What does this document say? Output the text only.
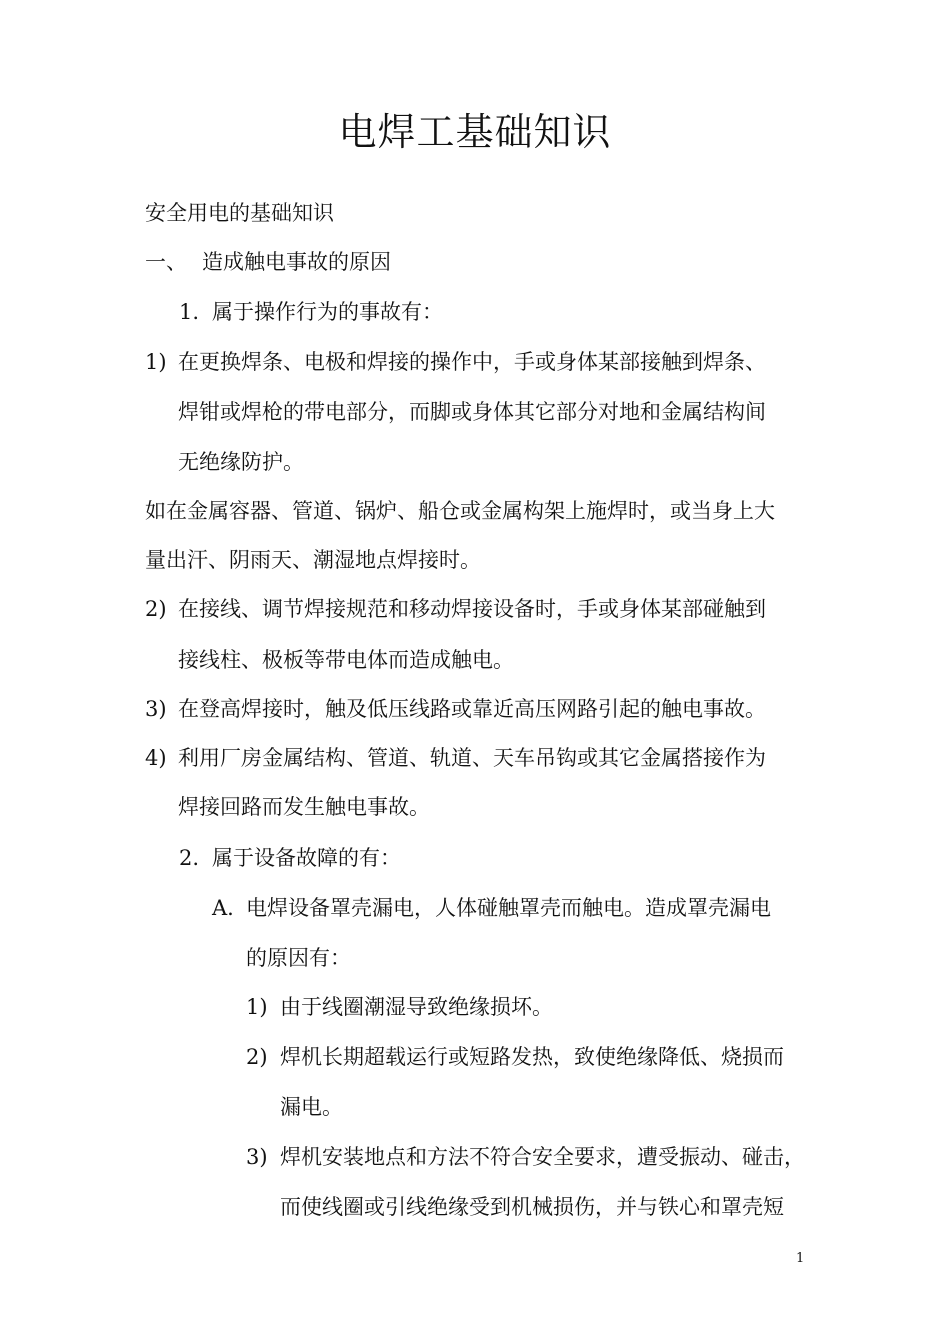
电焊工基础知识
安全用电的基础知识
一、 造成触电事故的原因
1. 属于操作行为的事故有：
1) 在更换焊条、电极和焊接的操作中，手或身体某部接触到焊条、
焊钳或焊枪的带电部分，而脚或身体其它部分对地和金属结构间
无绝缘防护。
如在金属容器、管道、锅炉、船仓或金属构架上施焊时，或当身上大
量出汗、阴雨天、潮湿地点焊接时。
2) 在接线、调节焊接规范和移动焊接设备时，手或身体某部碰触到
接线柱、极板等带电体而造成触电。
3) 在登高焊接时，触及低压线路或靠近高压网路引起的触电事故。
4) 利用厂房金属结构、管道、轨道、天车吊钩或其它金属搭接作为
焊接回路而发生触电事故。
2. 属于设备故障的有：
A. 电焊设备罩壳漏电，人体碰触罩壳而触电。造成罩壳漏电
的原因有：
1) 由于线圈潮湿导致绝缘损坏。
2) 焊机长期超载运行或短路发热，致使绝缘降低、烧损而
漏电。
3) 焊机安装地点和方法不符合安全要求，遭受振动、碰击，
而使线圈或引线绝缘受到机械损伤，并与铁心和罩壳短
1
